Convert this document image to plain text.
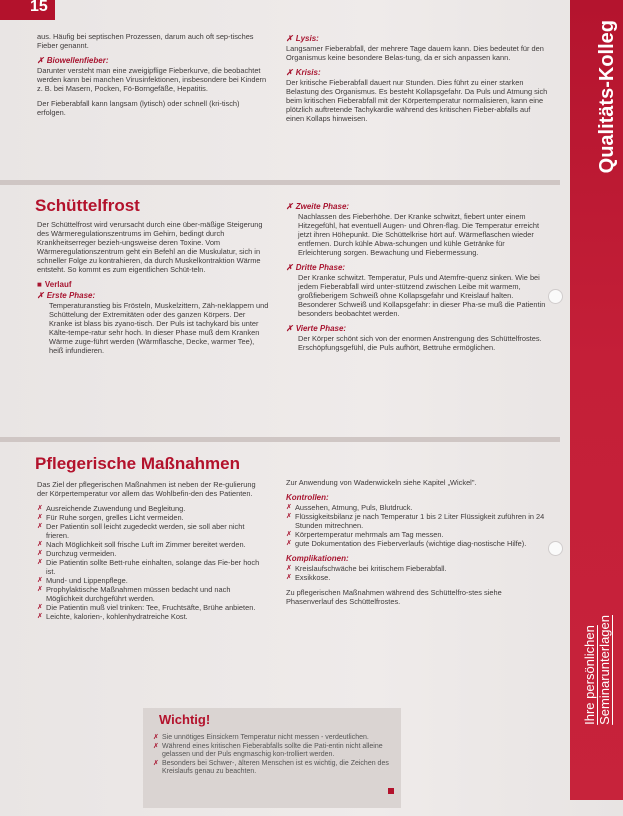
15
Qualitäts-Kolleg
Ihre persönlichen
Seminarunterlagen

aus. Häufig bei septischen Prozessen, darum auch oft sep-tisches Fieber genannt.

✗ Biowellenfieber:

Darunter versteht man eine zweigipflige Fieberkurve, die beobachtet werden kann bei manchen Virusinfektionen, insbesondere bei Kindern z. B. bei Masern, Pocken, Fö-Borngefäße, Hepatitis.

Der Fieberabfall kann langsam (lytisch) oder schnell (kri-tisch) erfolgen.

✗ Lysis:

Langsamer Fieberabfall, der mehrere Tage dauern kann. Dies bedeutet für den Organismus keine besondere Belas-tung, da er sich anpassen kann.

✗ Krisis:

Der kritische Fieberabfall dauert nur Stunden. Dies führt zu einer starken Belastung des Organismus. Es besteht Kollapsgefahr. Da Puls und Atmung sich beim kritischen Fieberabfall mit der Körpertemperatur normalisieren, kann eine plötzlich auftretende Tachykardie während des kritischen Fieber-abfalls auf einen Kollaps hinweisen.

Schüttelfrost

Der Schüttelfrost wird verursacht durch eine über-mäßige Steigerung des Wärmeregulationszentrums im Gehirn, bedingt durch Krankheitserreger bezieh-ungsweise deren Toxine. Vom Wärmeregulationszentrum geht ein Befehl an die Muskulatur, sich in schneller Folge zu kontrahieren, da durch Muskelkontraktion Wärme entsteht. So kommt es zum eigentlichen Schüt-teln.

■ Verlauf
✗ Erste Phase:

Temperaturanstieg bis Frösteln, Muskelzittern, Zäh-neklappern und Schüttelung der Extremitäten oder des ganzen Körpers. Der Kranke ist blass bis zyano-tisch. Der Puls ist tachykard bis unter Kälte-tempe-ratur sehr hoch. In dieser Phase muß dem Kranken Wärme zuge-führt werden (Wärmflasche, Decke, warmer Tee), heiß infundieren.

✗ Zweite Phase:

Nachlassen des Fieberhöhe. Der Kranke schwitzt, fiebert unter einem Hitzegefühl, hat eventuell Augen- und Ohren-flag. Die Temperatur erreicht jetzt ihren Höhepunkt. Die Schüttelkrise hört auf. Wärmeflaschen wieder entfernen. Durch kühle Abwa-schungen und kühle Getränke für Erleichterung sorgen. Bewachung und Fiebermessung.

✗ Dritte Phase:

Der Kranke schwitzt. Temperatur, Puls und Atemfre-quenz sinken. Wie bei jedem Fieberabfall wird unter-stützend zwischen Leibe mit warmem, großfieberigem Schweiß ohne Kollapsgefahr und Kreislauf halten. Besonderer Schweiß und Kollapsgefahr: in dieser Pha-se muß die Patientin besonders beobachtet werden.

✗ Vierte Phase:

Der Körper schönt sich von der enormen Anstrengung des Schüttelfrostes. Erschöpfungsgefühl, die Puls aufhört, Bettruhe ermöglichen.

Pflegerische Maßnahmen

Das Ziel der pflegerischen Maßnahmen ist neben der Re-gulierung der Körpertemperatur vor allem das Wohlbefin-den des Patienten.

✗ Ausreichende Zuwendung und Begleitung.
✗ Für Ruhe sorgen, grelles Licht vermeiden.
✗ Der Patientin soll leicht zugedeckt werden, sie soll aber nicht frieren.
✗ Nach Möglichkeit soll frische Luft im Zimmer bereitet werden.
✗ Durchzug vermeiden.
✗ Die Patientin sollte Bett-ruhe einhalten, solange das Fie-ber hoch ist.
✗ Mund- und Lippenpflege.
✗ Prophylaktische Maßnahmen müssen bedacht und nach Möglichkeit durchgeführt werden.
✗ Die Patientin muß viel trinken: Tee, Fruchtsäfte, Brühe anbieten.
✗ Leichte, kalorien-, kohlenhydratreiche Kost.

Zur Anwendung von Wadenwickeln siehe Kapitel „Wickel".

Kontrollen:
✗ Aussehen, Atmung, Puls, Blutdruck.
✗ Flüssigkeitsbilanz je nach Temperatur 1 bis 2 Liter Flüssigkeit zuführen in 24 Stunden mitrechnen.
✗ Körpertemperatur mehrmals am Tag messen.
✗ gute Dokumentation des Fieberverlaufs (wichtige diag-nostische Hilfe).
Komplikationen:
✗ Kreislaufschwäche bei kritischem Fieberabfall.
✗ Exsikkose.

Zu pflegerischen Maßnahmen während des Schüttelfro-stes siehe Phasenverlauf des Schüttelfrostes.

Wichtig!
✗ Sie unnötiges Einsickern Temperatur nicht messen - verdeutlichen.
✗ Während eines kritischen Fieberabfalls sollte die Pati-entin nicht alleine gelassen und der Puls engmaschig kon-trolliert werden.
✗ Besonders bei Schwer-, älteren Menschen ist es wichtig, die Zeichen des Kreislaufs genau zu beachten.
